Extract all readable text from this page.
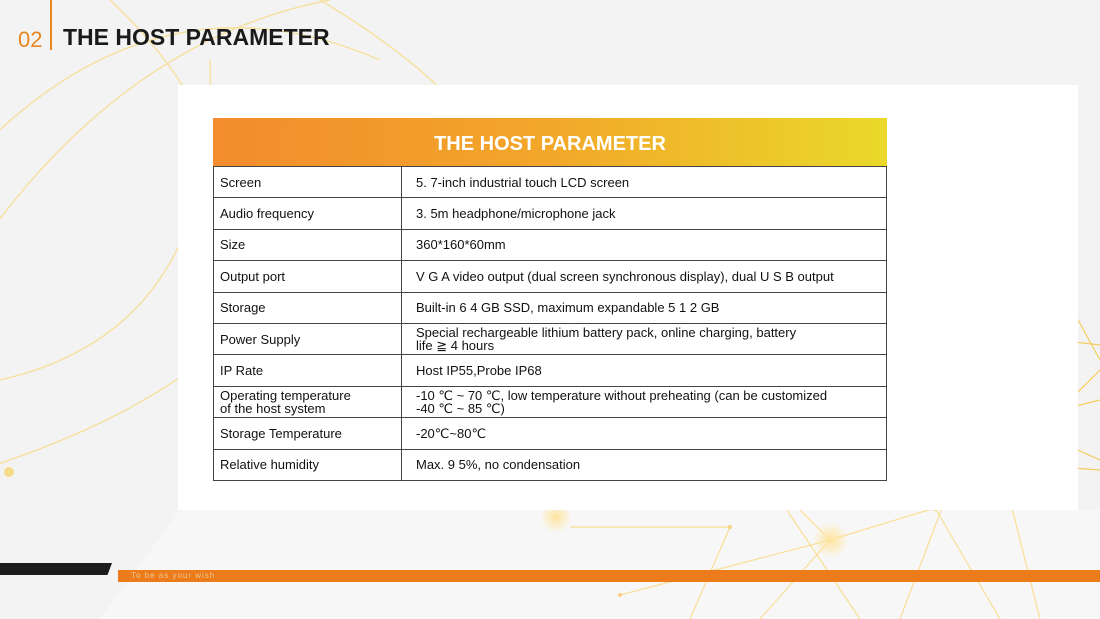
02 THE HOST PARAMETER
THE HOST PARAMETER
Screen	5. 7-inch industrial touch LCD screen
Audio frequency	3. 5m headphone/microphone jack
Size	360*160*60mm
Output port	V G A video output (dual screen synchronous display), dual U S B output
Storage	Built-in 6 4 GB SSD, maximum expandable 5 1 2 GB
Power Supply	Special rechargeable lithium battery pack, online charging, battery
life ≧ 4 hours
IP Rate	Host IP55,Probe IP68
Operating temperature
of the host system	-10 ℃ ~ 70 ℃, low temperature without preheating (can be customized
-40 ℃ ~ 85 ℃)
Storage Temperature	-20℃~80℃
Relative humidity	Max. 9 5%, no condensation
To be as your wish
